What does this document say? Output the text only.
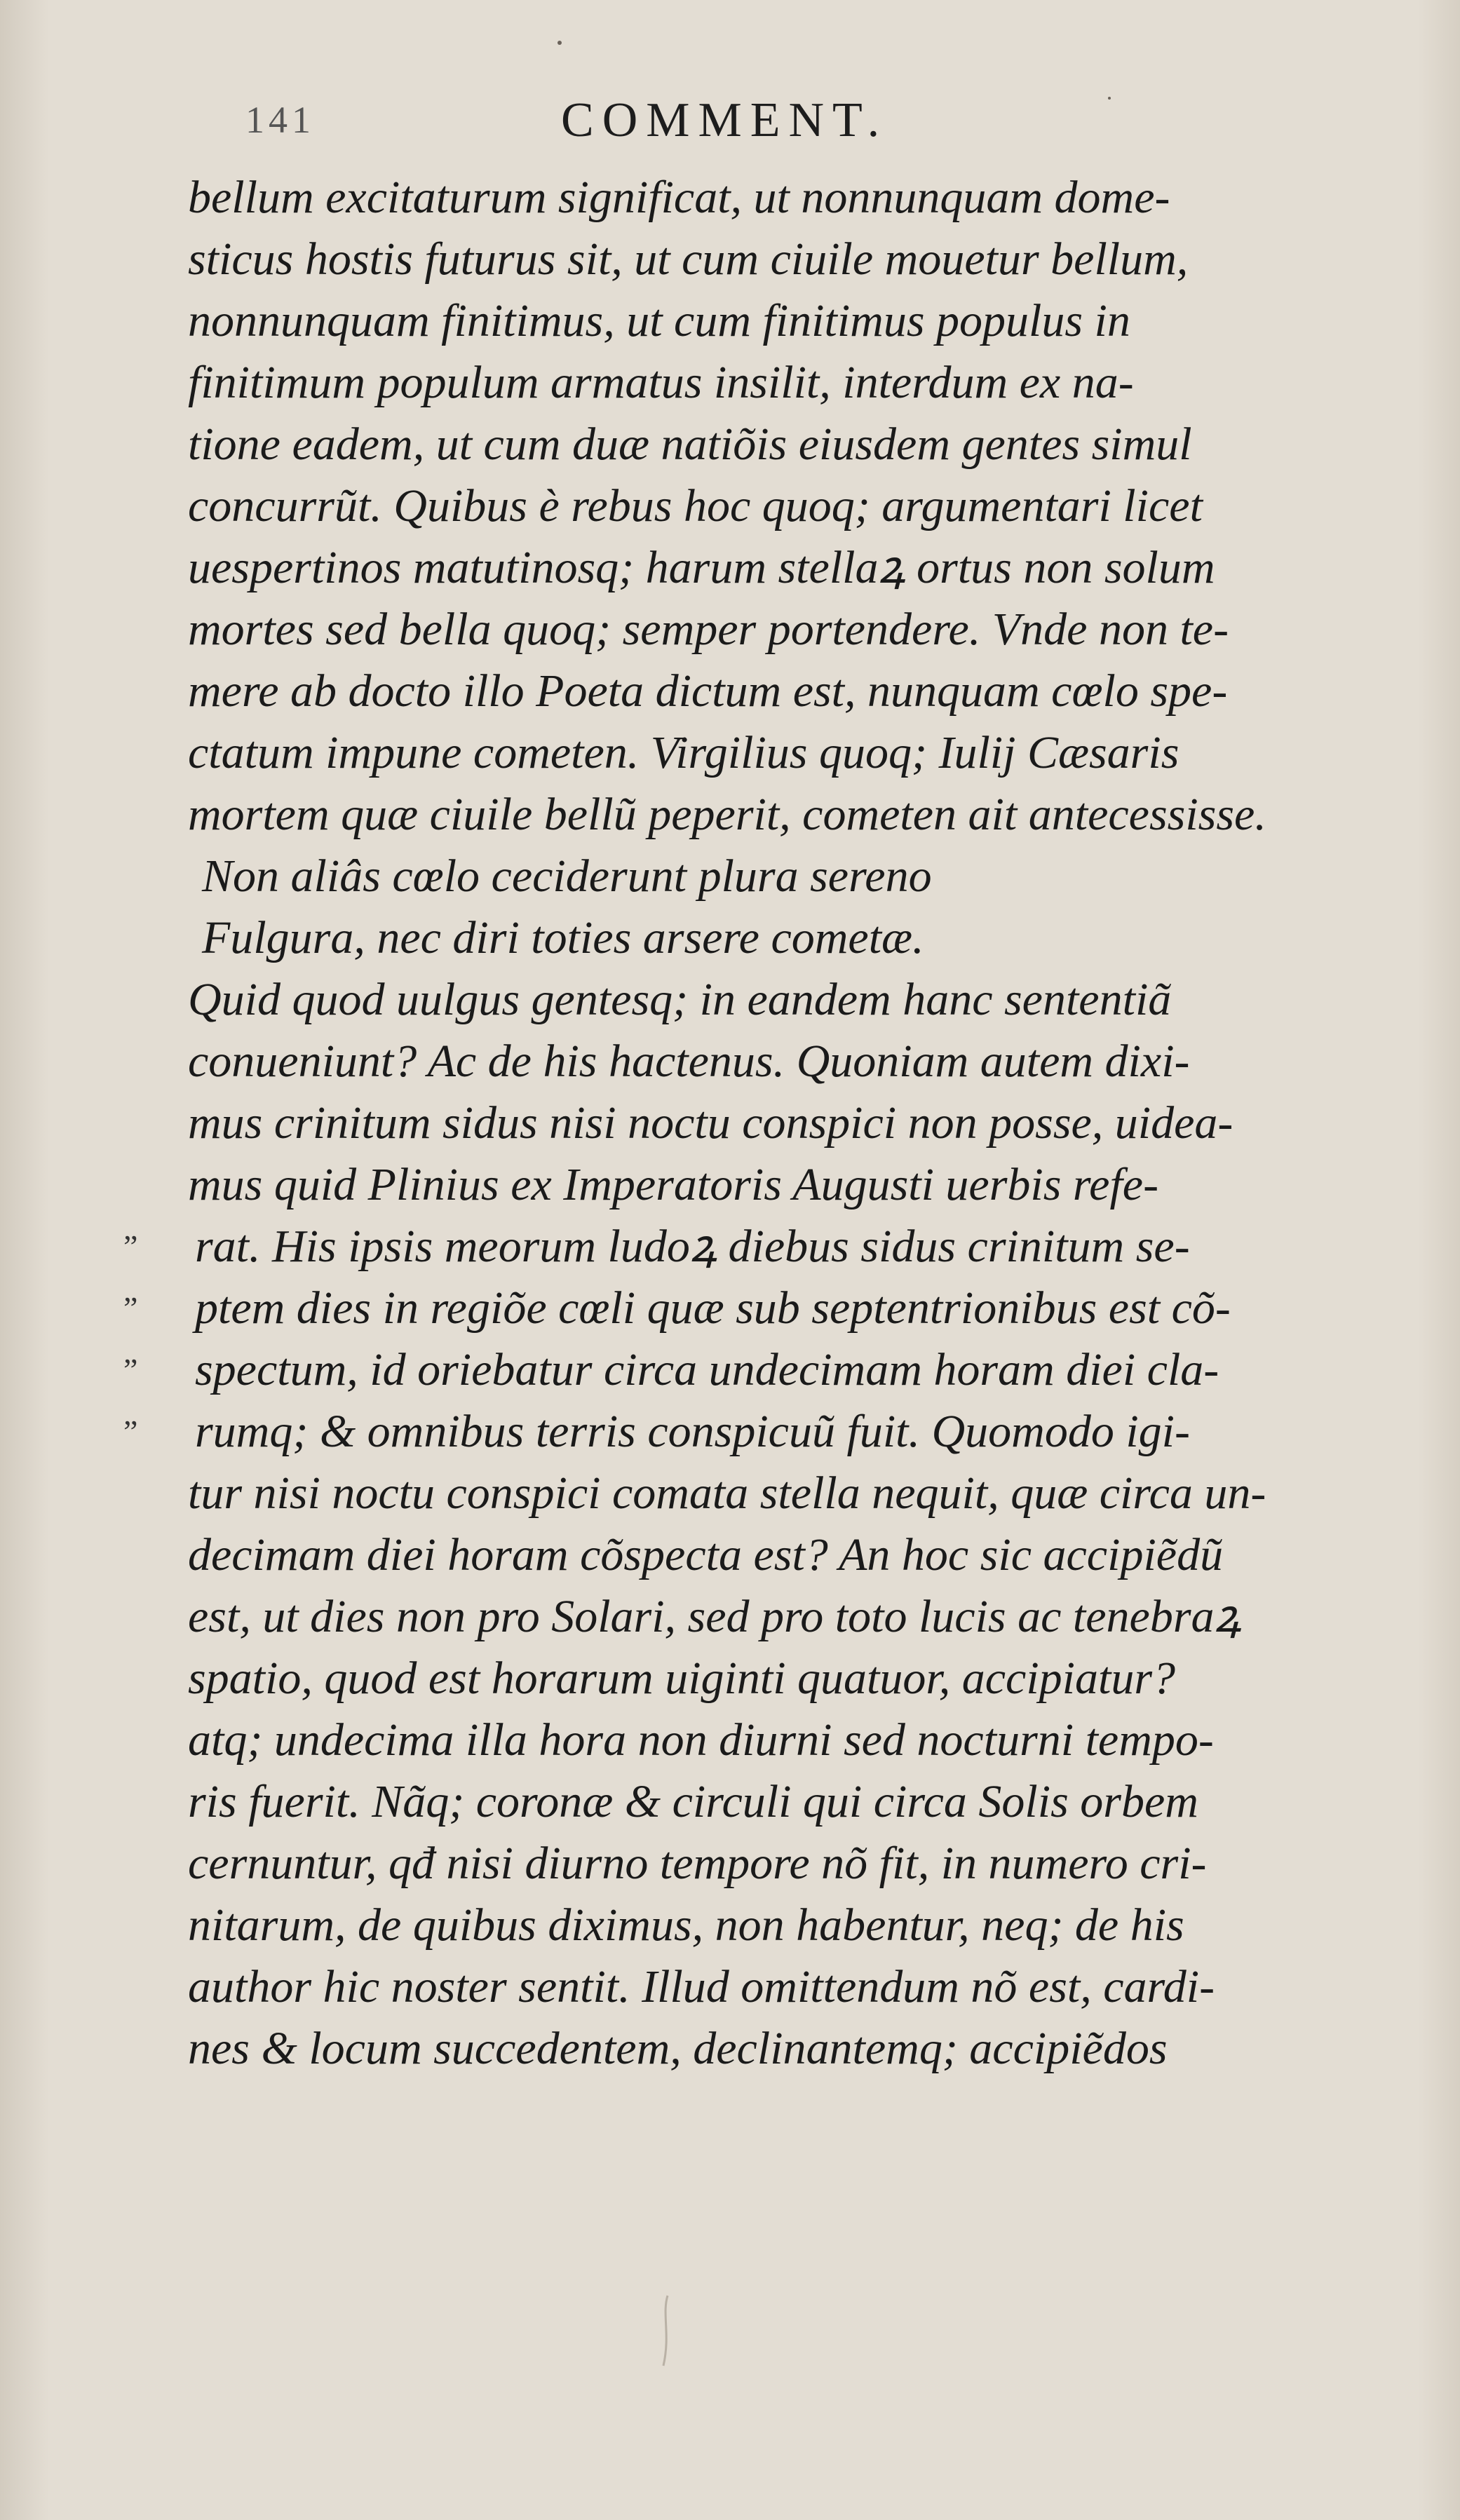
141	COMMENT.
bellum excitaturum significat, ut nonnunquam dome-
sticus hostis futurus sit, ut cum ciuile mouetur bellum,
nonnunquam finitimus, ut cum finitimus populus in
finitimum populum armatus insilit, interdum ex na-
tione eadem, ut cum duæ natiõis eiusdem gentes simul
concurrũt. Quibus è rebus hoc quoq; argumentari licet
uespertinos matutinosq; harum stellaꝝ ortus non solum
mortes sed bella quoq; semper portendere. Vnde non te-
mere ab docto illo Poeta dictum est, nunquam cœlo spe-
ctatum impune cometen. Virgilius quoq; Iulij Cæsaris
mortem quæ ciuile bellũ peperit, cometen ait antecessisse.
Non aliâs cœlo ceciderunt plura sereno
Fulgura, nec diri toties arsere cometæ.
Quid quod uulgus gentesq; in eandem hanc sententiã
conueniunt? Ac de his hactenus. Quoniam autem dixi-
mus crinitum sidus nisi noctu conspici non posse, uidea-
mus quid Plinius ex Imperatoris Augusti uerbis refe-
” rat. His ipsis meorum ludoꝝ diebus sidus crinitum se-
” ptem dies in regiõe cœli quæ sub septentrionibus est cõ-
” spectum, id oriebatur circa undecimam horam diei cla-
” rumq; & omnibus terris conspicuũ fuit. Quomodo igi-
tur nisi noctu conspici comata stella nequit, quæ circa un-
decimam diei horam cõspecta est? An hoc sic accipiẽdũ
est, ut dies non pro Solari, sed pro toto lucis ac tenebraꝝ
spatio, quod est horarum uiginti quatuor, accipiatur?
atq; undecima illa hora non diurni sed nocturni tempo-
ris fuerit. Nãq; coronæ & circuli qui circa Solis orbem
cernuntur, qđ nisi diurno tempore nõ fit, in numero cri-
nitarum, de quibus diximus, non habentur, neq; de his
author hic noster sentit. Illud omittendum nõ est, cardi-
nes & locum succedentem, declinantemq; accipiẽdos
